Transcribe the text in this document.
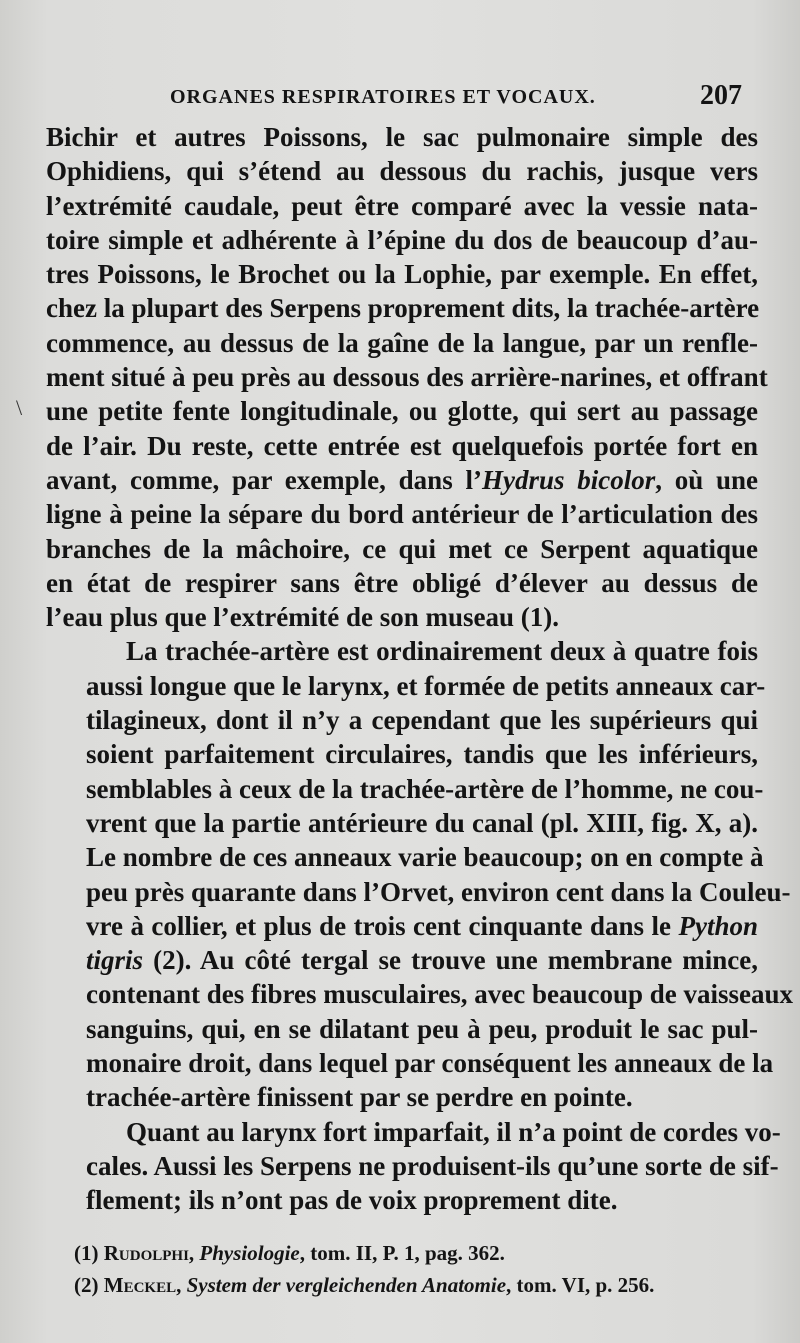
ORGANES RESPIRATOIRES ET VOCAUX.	207
\

Bichir et autres Poissons, le sac pulmonaire simple des
Ophidiens, qui s’étend au dessous du rachis, jusque vers
l’extrémité caudale, peut être comparé avec la vessie nata-
toire simple et adhérente à l’épine du dos de beaucoup d’au-
tres Poissons, le Brochet ou la Lophie, par exemple. En effet,
chez la plupart des Serpens proprement dits, la trachée-artère
commence, au dessus de la gaîne de la langue, par un renfle-
ment situé à peu près au dessous des arrière-narines, et offrant
une petite fente longitudinale, ou glotte, qui sert au passage
de l’air. Du reste, cette entrée est quelquefois portée fort en
avant, comme, par exemple, dans l’Hydrus bicolor, où une
ligne à peine la sépare du bord antérieur de l’articulation des
branches de la mâchoire, ce qui met ce Serpent aquatique
en état de respirer sans être obligé d’élever au dessus de
l’eau plus que l’extrémité de son museau (1).

La trachée-artère est ordinairement deux à quatre fois
aussi longue que le larynx, et formée de petits anneaux car-
tilagineux, dont il n’y a cependant que les supérieurs qui
soient parfaitement circulaires, tandis que les inférieurs,
semblables à ceux de la trachée-artère de l’homme, ne cou-
vrent que la partie antérieure du canal (pl. XIII, fig. X, a).
Le nombre de ces anneaux varie beaucoup; on en compte à
peu près quarante dans l’Orvet, environ cent dans la Couleu-
vre à collier, et plus de trois cent cinquante dans le Python
tigris (2). Au côté tergal se trouve une membrane mince,
contenant des fibres musculaires, avec beaucoup de vaisseaux
sanguins, qui, en se dilatant peu à peu, produit le sac pul-
monaire droit, dans lequel par conséquent les anneaux de la
trachée-artère finissent par se perdre en pointe.

Quant au larynx fort imparfait, il n’a point de cordes vo-
cales. Aussi les Serpens ne produisent-ils qu’une sorte de sif-
flement; ils n’ont pas de voix proprement dite.

(1) Rudolphi, Physiologie, tom. II, P. 1, pag. 362.
(2) Meckel, System der vergleichenden Anatomie, tom. VI, p. 256.
